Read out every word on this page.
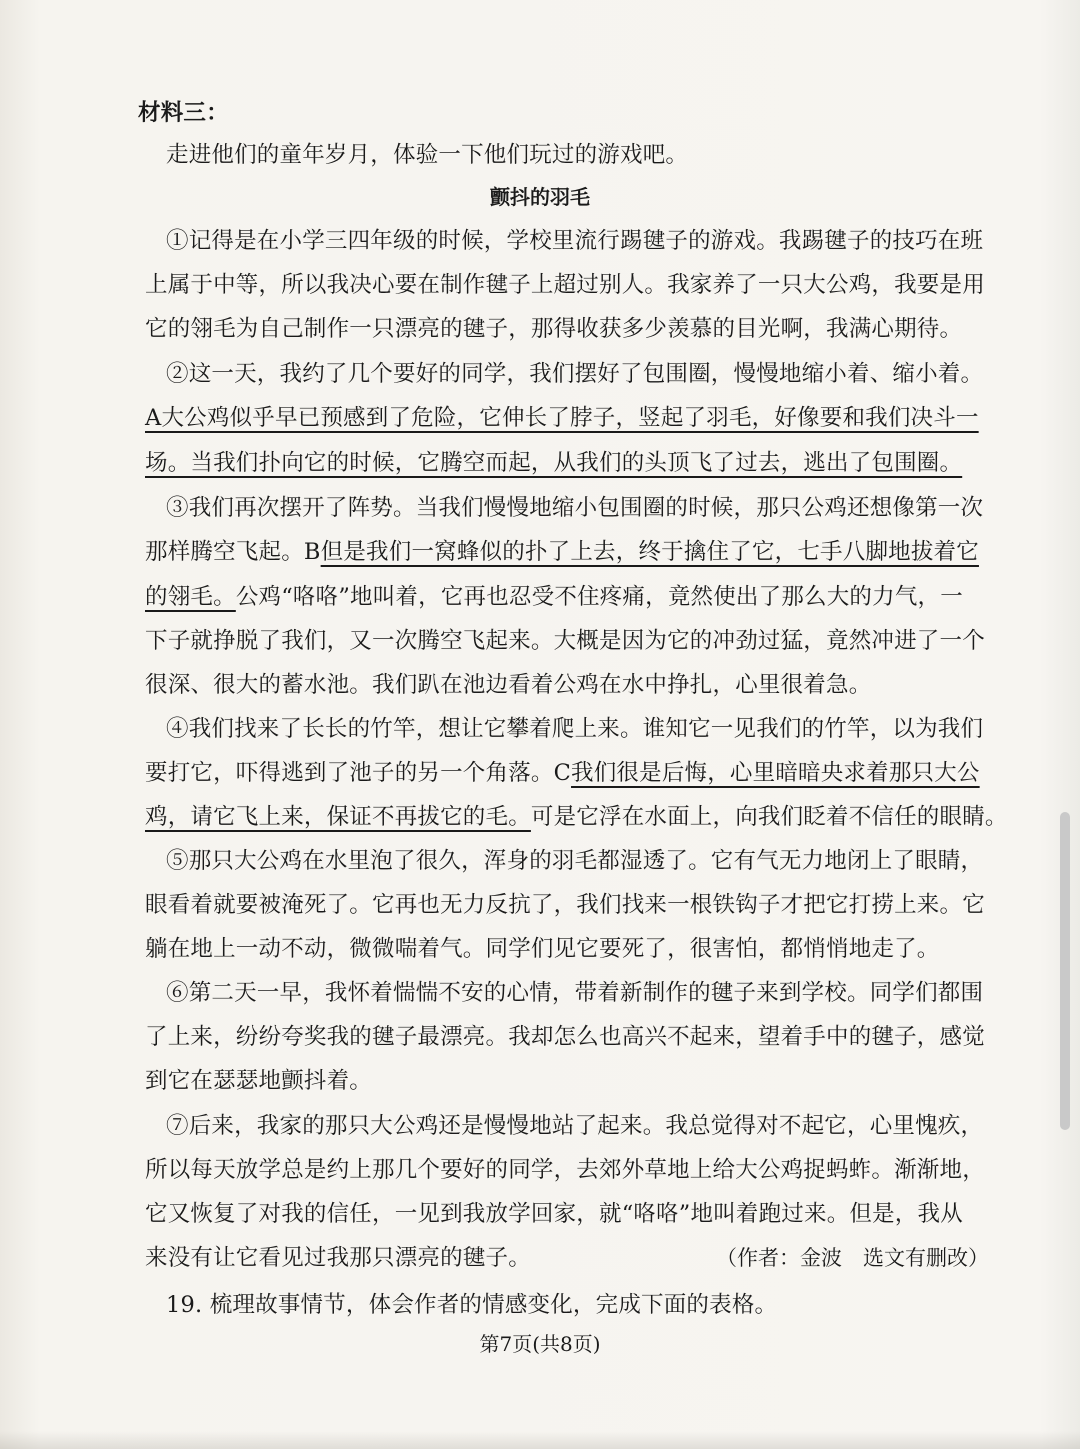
材料三：
走进他们的童年岁月，体验一下他们玩过的游戏吧。
颤抖的羽毛
①记得是在小学三四年级的时候，学校里流行踢毽子的游戏。我踢毽子的技巧在班
上属于中等，所以我决心要在制作毽子上超过别人。我家养了一只大公鸡，我要是用
它的翎毛为自己制作一只漂亮的毽子，那得收获多少羡慕的目光啊，我满心期待。
②这一天，我约了几个要好的同学，我们摆好了包围圈，慢慢地缩小着、缩小着。
A大公鸡似乎早已预感到了危险，它伸长了脖子，竖起了羽毛，好像要和我们决斗一
场。当我们扑向它的时候，它腾空而起，从我们的头顶飞了过去，逃出了包围圈。
③我们再次摆开了阵势。当我们慢慢地缩小包围圈的时候，那只公鸡还想像第一次
那样腾空飞起。B但是我们一窝蜂似的扑了上去，终于擒住了它，七手八脚地拔着它
的翎毛。公鸡“咯咯”地叫着，它再也忍受不住疼痛，竟然使出了那么大的力气，一
下子就挣脱了我们，又一次腾空飞起来。大概是因为它的冲劲过猛，竟然冲进了一个
很深、很大的蓄水池。我们趴在池边看着公鸡在水中挣扎，心里很着急。
④我们找来了长长的竹竿，想让它攀着爬上来。谁知它一见我们的竹竿，以为我们
要打它，吓得逃到了池子的另一个角落。C我们很是后悔，心里暗暗央求着那只大公
鸡，请它飞上来，保证不再拔它的毛。可是它浮在水面上，向我们眨着不信任的眼睛。
⑤那只大公鸡在水里泡了很久，浑身的羽毛都湿透了。它有气无力地闭上了眼睛，
眼看着就要被淹死了。它再也无力反抗了，我们找来一根铁钩子才把它打捞上来。它
躺在地上一动不动，微微喘着气。同学们见它要死了，很害怕，都悄悄地走了。
⑥第二天一早，我怀着惴惴不安的心情，带着新制作的毽子来到学校。同学们都围
了上来，纷纷夸奖我的毽子最漂亮。我却怎么也高兴不起来，望着手中的毽子，感觉
到它在瑟瑟地颤抖着。
⑦后来，我家的那只大公鸡还是慢慢地站了起来。我总觉得对不起它，心里愧疚，
所以每天放学总是约上那几个要好的同学，去郊外草地上给大公鸡捉蚂蚱。渐渐地，
它又恢复了对我的信任，一见到我放学回家，就“咯咯”地叫着跑过来。但是，我从
来没有让它看见过我那只漂亮的毽子。	（作者：金波　选文有删改）
19. 梳理故事情节，体会作者的情感变化，完成下面的表格。
第7页(共8页)
